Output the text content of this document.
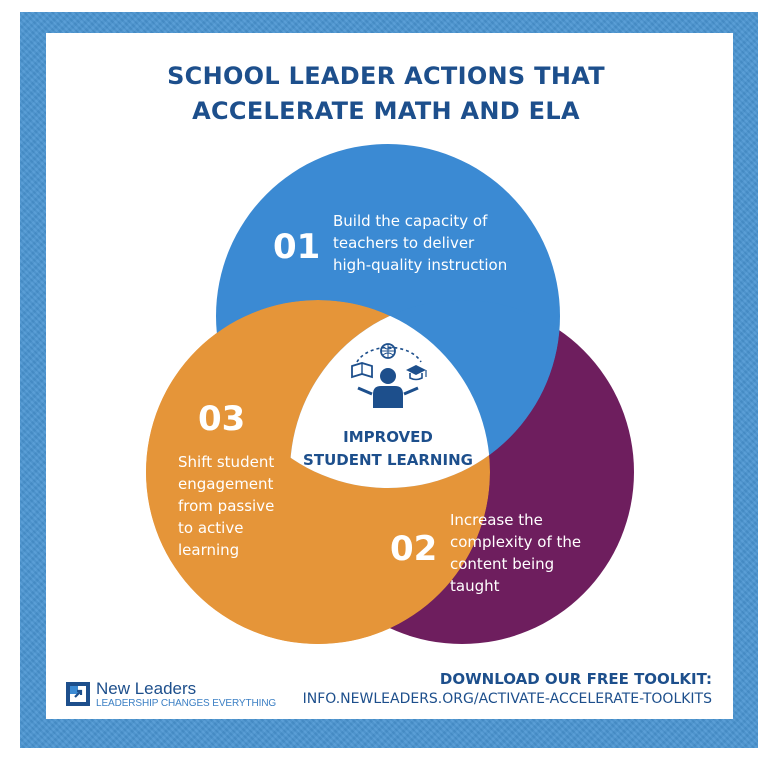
SCHOOL LEADER ACTIONS THAT
ACCELERATE MATH AND ELA
IMPROVED
STUDENT LEARNING
01
Build the capacity of
teachers to deliver
high-quality instruction
03
Shift student
engagement
from passive
to active
learning	02
Increase the
complexity of the
content being
taught
New Leaders
LEADERSHIP CHANGES EVERYTHING
DOWNLOAD OUR FREE TOOLKIT:
INFO.NEWLEADERS.ORG/ACTIVATE-ACCELERATE-TOOLKITS
